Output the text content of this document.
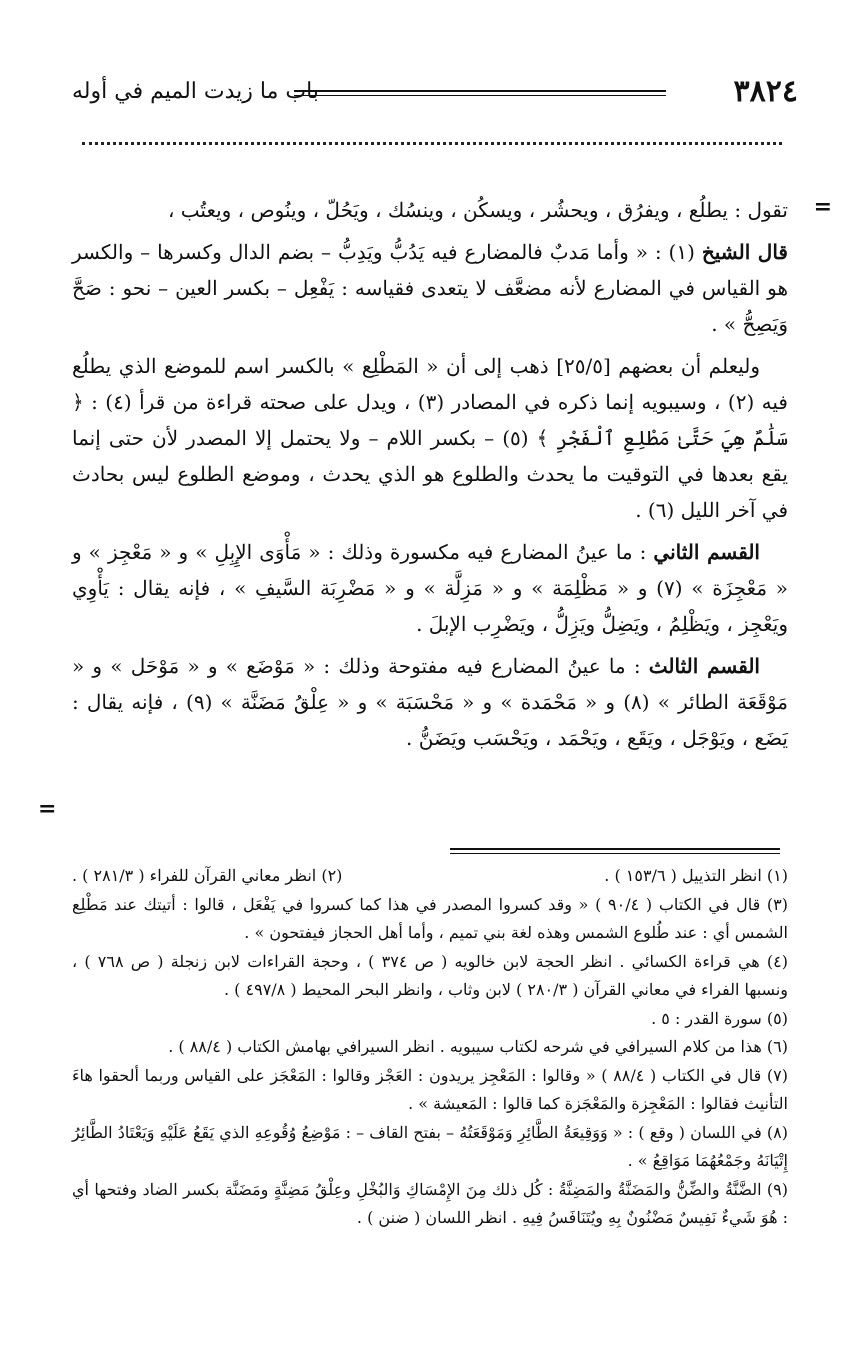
٣٨٢٤
باب ما زيدت الميم في أوله
=

تقول : يطلُع ، ويفرُق ، ويحشُر ، ويسكُن ، وينسُك ، ويَحُلّ ، وينُوص ، ويعتُب ،

قال الشيخ (١) : « وأما مَدبٌ فالمضارع فيه يَدُبُّ ويَدِبُّ – بضم الدال وكسرها – والكسر هو القياس في المضارع لأنه مضعَّف لا يتعدى فقياسه : يَفْعِل – بكسر العين – نحو : صَحَّ وَيَصِحُّ » .

وليعلم أن بعضهم [٢٥/٥] ذهب إلى أن « المَطْلِع » بالكسر اسم للموضع الذي يطلُع فيه (٢) ، وسيبويه إنما ذكره في المصادر (٣) ، ويدل على صحته قراءة من قرأ (٤) : ﴿ سَلَٰمٌ هِيَ حَتَّىٰ مَطْلِعِ ٱلْفَجْرِ ﴾ (٥) – بكسر اللام – ولا يحتمل إلا المصدر لأن حتى إنما يقع بعدها في التوقيت ما يحدث والطلوع هو الذي يحدث ، وموضع الطلوع ليس بحادث في آخر الليل (٦) .

القسم الثاني : ما عينُ المضارع فيه مكسورة وذلك : « مَأْوَى الإِبِلِ » و « مَعْجِز » و « مَعْجِزَة » (٧) و « مَظْلِمَة » و « مَزِلَّة » و « مَضْرِبَة السَّيفِ » ، فإنه يقال : يَأْوِي ويَعْجِز ، ويَظْلِمُ ، ويَضِلُّ ويَزِلُّ ، ويَضْرِب الإبلَ .

القسم الثالث : ما عينُ المضارع فيه مفتوحة وذلك : « مَوْضَع » و « مَوْحَل » و « مَوْقَعَة الطائر » (٨) و « مَحْمَدة » و « مَحْسَبَة » و « عِلْقُ مَضَنَّة » (٩) ، فإنه يقال : يَضَع ، ويَوْجَل ، ويَقَع ، ويَحْمَد ، ويَحْسَب ويَضَنُّ .

=
(١) انظر التذييل ( ١٥٣/٦ ) .
(٢) انظر معاني القرآن للفراء ( ٢٨١/٣ ) .

(٣) قال في الكتاب ( ٩٠/٤ ) « وقد كسروا المصدر في هذا كما كسروا في يَفْعَل ، قالوا : أتيتك عند مَطْلِع الشمس أي : عند طُلوع الشمس وهذه لغة بني تميم ، وأما أهل الحجاز فيفتحون » .

(٤) هي قراءة الكسائي . انظر الحجة لابن خالويه ( ص ٣٧٤ ) ، وحجة القراءات لابن زنجلة ( ص ٧٦٨ ) ، ونسبها الفراء في معاني القرآن ( ٢٨٠/٣ ) لابن وثاب ، وانظر البحر المحيط ( ٤٩٧/٨ ) .

(٥) سورة القدر : ٥ .

(٦) هذا من كلام السيرافي في شرحه لكتاب سيبويه . انظر السيرافي بهامش الكتاب ( ٨٨/٤ ) .

(٧) قال في الكتاب ( ٨٨/٤ ) « وقالوا : المَعْجِز يريدون : العَجْز وقالوا : المَعْجَز على القياس وربما ألحقوا هاءَ التأنيث فقالوا : المَعْجِزة والمَعْجَزة كما قالوا : المَعيشة » .

(٨) في اللسان ( وقع ) : « وَوَقِيعَةُ الطَّائِرِ وَمَوْقَعَتُهُ – بفتح القاف – : مَوْضِعُ وُقُوعِهِ الذي يَقَعُ عَلَيْهِ وَيَعْتَادُ الطَّائِرُ إِتْيَانَهُ وجَمْعُهُمَا مَوَاقِعُ » .

(٩) الضَّنَّةُ والضِّنُّ والمَضَنَّةُ والمَضِنَّةُ : كُل ذلك مِنَ الإِمْسَاكِ وَالبُخْلِ وعِلْقُ مَضِنَّةٍ ومَضَنَّة بكسر الضاد وفتحها أي : هُوَ شَيءٌ نَفِيسٌ مَضْنُونٌ بِهِ ويُتَنَافَسُ فِيهِ . انظر اللسان ( ضنن ) .
